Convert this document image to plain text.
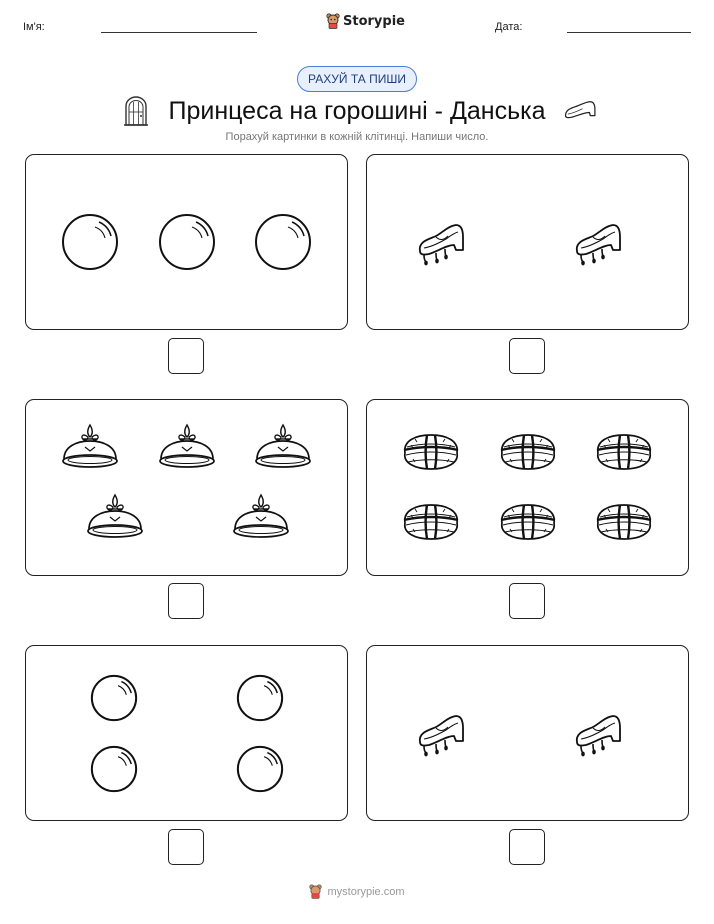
Ім'я:	Storypie	Дата:
РАХУЙ ТА ПИШИ
Принцеса на горошині - Данська
Порахуй картинки в кожній клітинці. Напиши число.
mystorypie.com
